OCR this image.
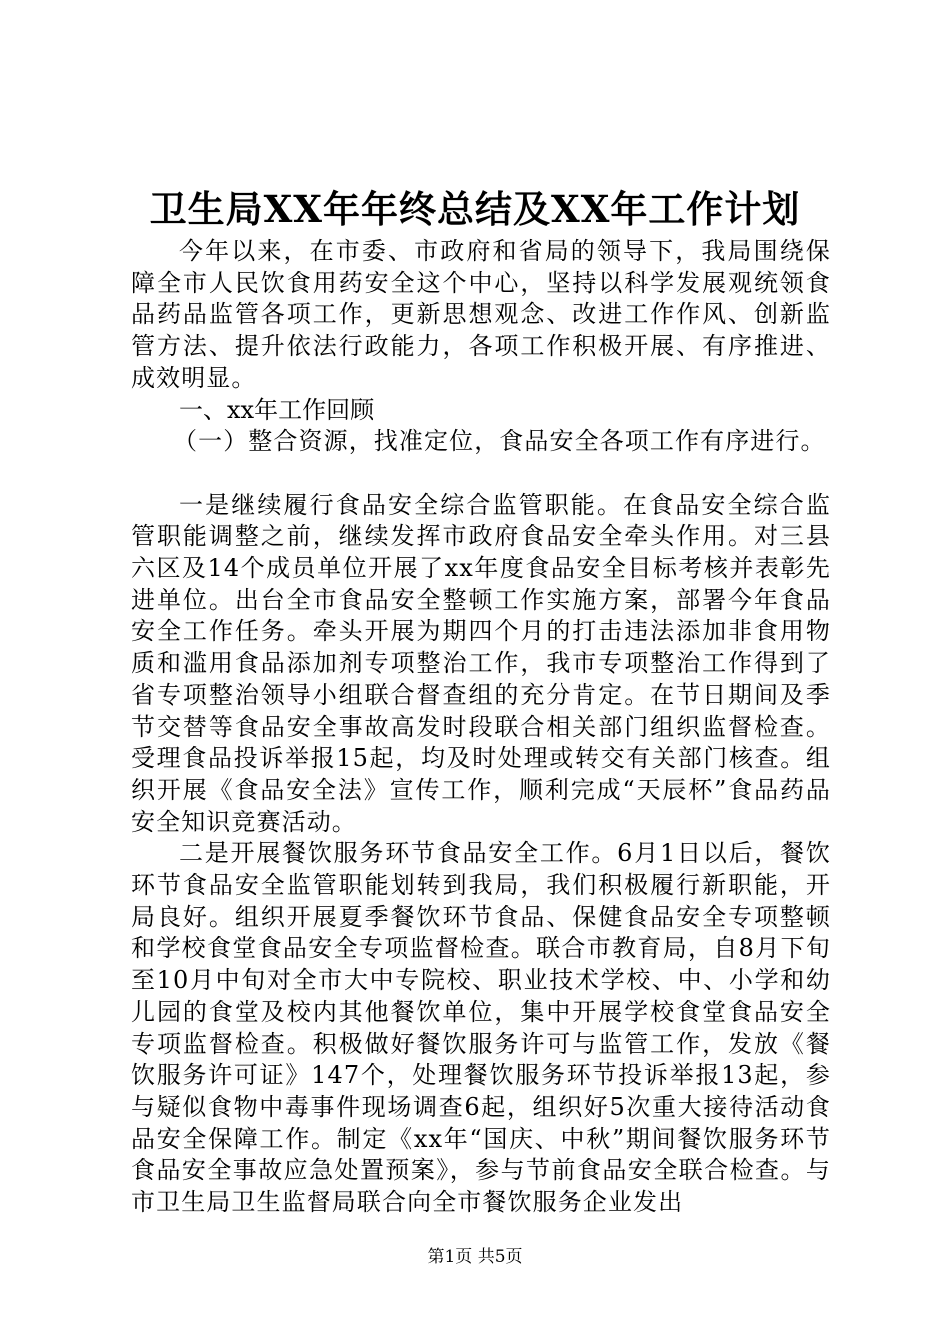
卫生局XX年年终总结及XX年工作计划

今年以来，在市委、市政府和省局的领导下，我局围绕保障全市人民饮食用药安全这个中心，坚持以科学发展观统领食品药品监管各项工作，更新思想观念、改进工作作风、创新监管方法、提升依法行政能力，各项工作积极开展、有序推进、成效明显。

一、xx年工作回顾

（一）整合资源，找准定位，食品安全各项工作有序进行。

一是继续履行食品安全综合监管职能。在食品安全综合监管职能调整之前，继续发挥市政府食品安全牵头作用。对三县六区及14个成员单位开展了xx年度食品安全目标考核并表彰先进单位。出台全市食品安全整顿工作实施方案，部署今年食品安全工作任务。牵头开展为期四个月的打击违法添加非食用物质和滥用食品添加剂专项整治工作，我市专项整治工作得到了省专项整治领导小组联合督查组的充分肯定。在节日期间及季节交替等食品安全事故高发时段联合相关部门组织监督检查。受理食品投诉举报15起，均及时处理或转交有关部门核查。组织开展《食品安全法》宣传工作，顺利完成“天辰杯”食品药品安全知识竞赛活动。

二是开展餐饮服务环节食品安全工作。6月1日以后，餐饮环节食品安全监管职能划转到我局，我们积极履行新职能，开局良好。组织开展夏季餐饮环节食品、保健食品安全专项整顿和学校食堂食品安全专项监督检查。联合市教育局，自8月下旬至10月中旬对全市大中专院校、职业技术学校、中、小学和幼儿园的食堂及校内其他餐饮单位，集中开展学校食堂食品安全专项监督检查。积极做好餐饮服务许可与监管工作，发放《餐饮服务许可证》147个，处理餐饮服务环节投诉举报13起，参与疑似食物中毒事件现场调查6起，组织好5次重大接待活动食品安全保障工作。制定《xx年“国庆、中秋”期间餐饮服务环节食品安全事故应急处置预案》，参与节前食品安全联合检查。与市卫生局卫生监督局联合向全市餐饮服务企业发出

第1页 共5页
